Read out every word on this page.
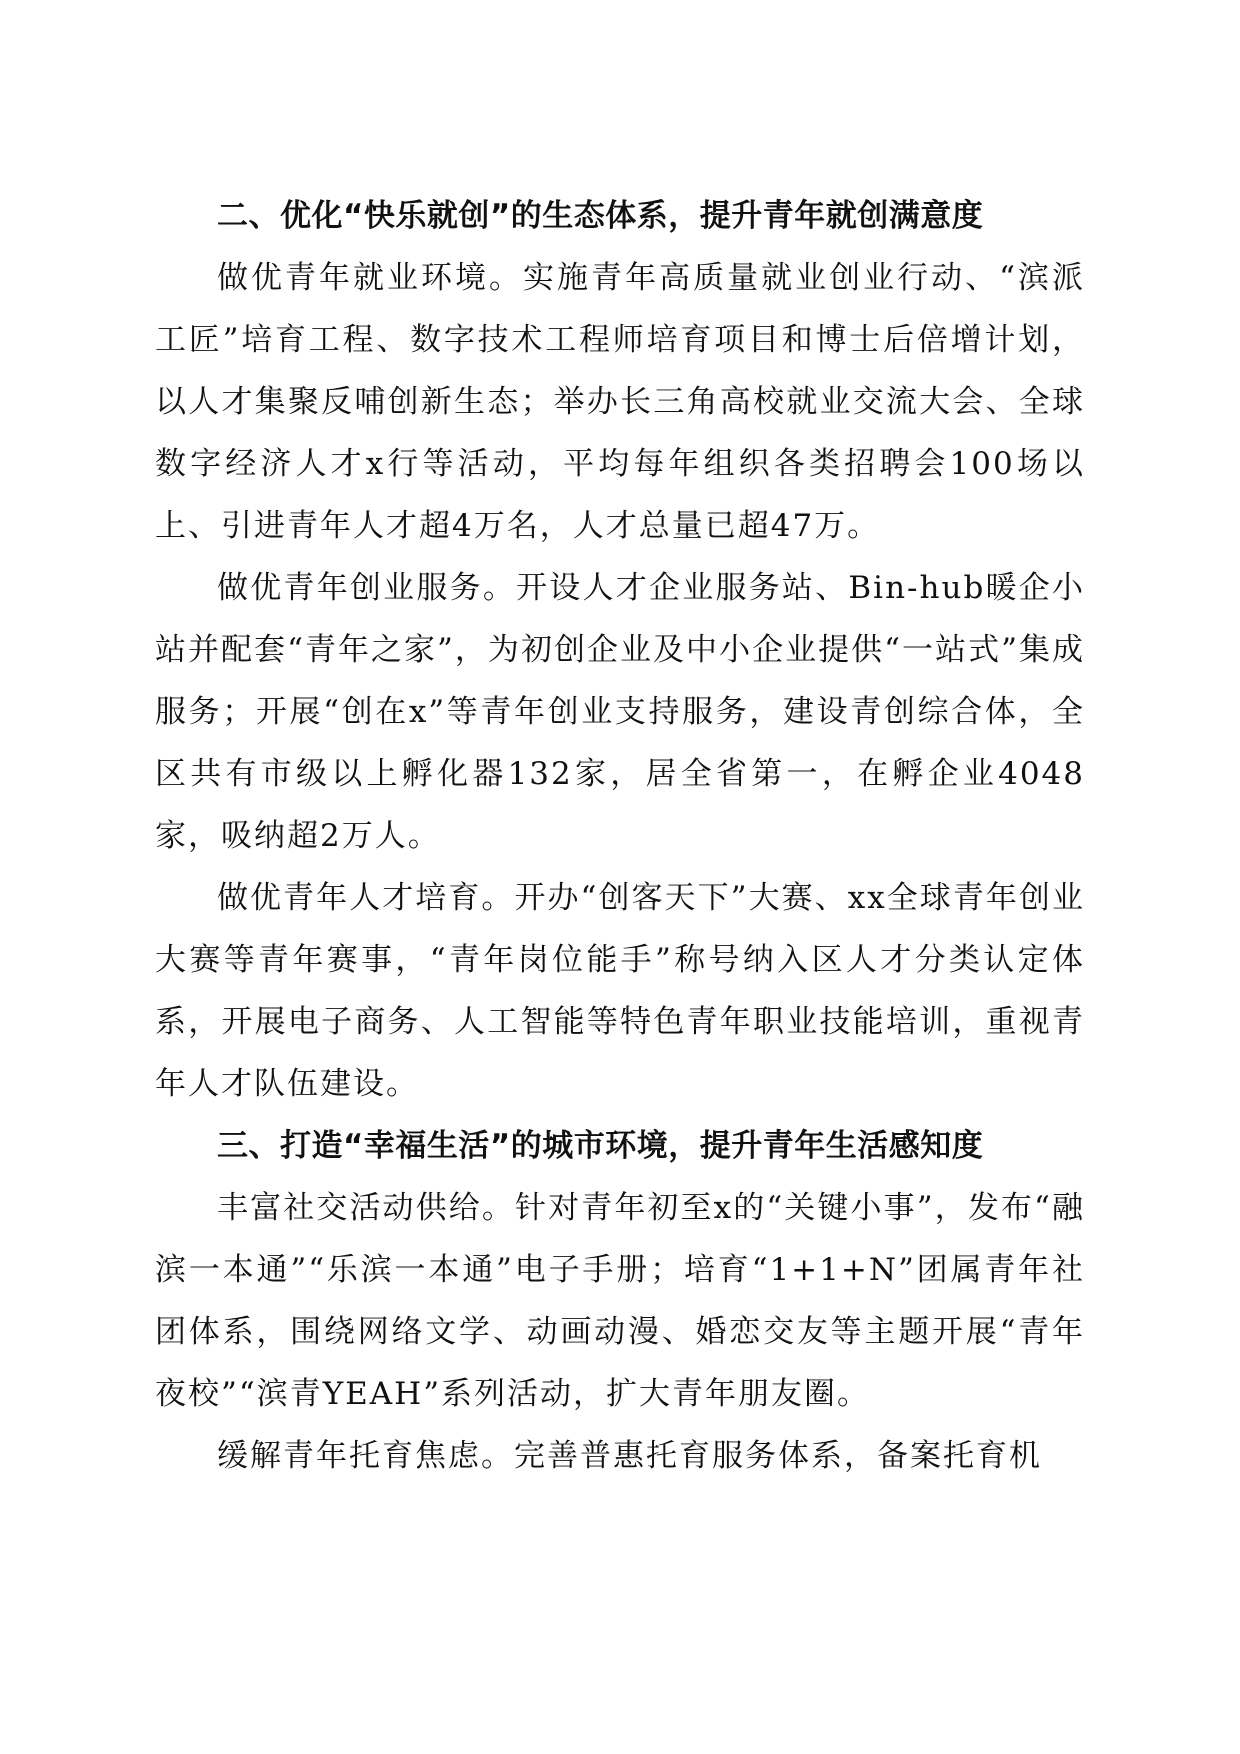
二、优化“快乐就创”的生态体系，提升青年就创满意度

做优青年就业环境。实施青年高质量就业创业行动、“滨派工匠”培育工程、数字技术工程师培育项目和博士后倍增计划，以人才集聚反哺创新生态；举办长三角高校就业交流大会、全球数字经济人才x行等活动，平均每年组织各类招聘会100场以上、引进青年人才超4万名，人才总量已超47万。

做优青年创业服务。开设人才企业服务站、Bin-hub暖企小站并配套“青年之家”，为初创企业及中小企业提供“一站式”集成服务；开展“创在x”等青年创业支持服务，建设青创综合体，全区共有市级以上孵化器132家，居全省第一，在孵企业4048家，吸纳超2万人。

做优青年人才培育。开办“创客天下”大赛、xx全球青年创业大赛等青年赛事，“青年岗位能手”称号纳入区人才分类认定体系，开展电子商务、人工智能等特色青年职业技能培训，重视青年人才队伍建设。

三、打造“幸福生活”的城市环境，提升青年生活感知度

丰富社交活动供给。针对青年初至x的“关键小事”，发布“融滨一本通”“乐滨一本通”电子手册；培育“1+1+N”团属青年社团体系，围绕网络文学、动画动漫、婚恋交友等主题开展“青年夜校”“滨青YEAH”系列活动，扩大青年朋友圈。

缓解青年托育焦虑。完善普惠托育服务体系，备案托育机
